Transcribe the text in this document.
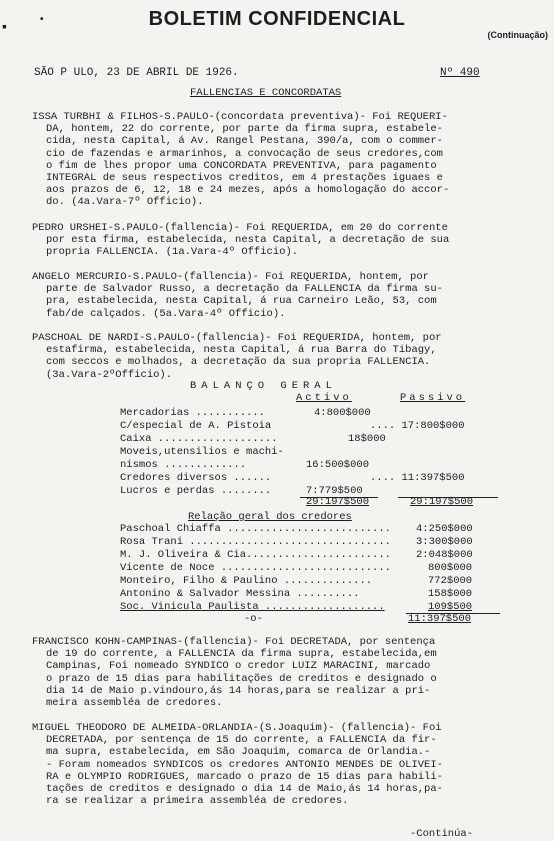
▪	•	BOLETIM CONFIDENCIAL
(Continuação)
SÃO P ULO, 23 DE ABRIL DE 1926.	Nº 490
FALLENCIAS E CONCORDATAS
ISSA TURBHI & FILHOS-S.PAULO-(concordata preventiva)- Foi REQUERI-
DA, hontem, 22 do corrente, por parte da firma supra, estabele-
cida, nesta Capital, á Av. Rangel Pestana, 390/a, com o commer-
cio de fazendas e armarinhos, a convocação de seus credores,com
o fim de lhes propor uma CONCORDATA PREVENTIVA, para pagamento
INTEGRAL de seus respectivos creditos, em 4 prestações iguaes e
aos prazos de 6, 12, 18 e 24 mezes, após a homologação do accor-
do. (4a.Vara-7º Officio).
PEDRO URSHEI-S.PAULO-(fallencia)- Foi REQUERIDA, em 20 do corrente
por esta firma, estabelecida, nesta Capital, a decretação de sua
propria FALLENCIA. (1a.Vara-4º Officio).
ANGELO MERCURIO-S.PAULO-(fallencia)- Foi REQUERIDA, hontem, por
parte de Salvador Russo, a decretação da FALLENCIA da firma su-
pra, estabelecida, nesta Capital, á rua Carneiro Leão, 53, com
fab/de calçados. (5a.Vara-4º Officio).
PASCHOAL DE NARDI-S.PAULO-(fallencia)- Foi REQUERIDA, hontem, por
estafirma, estabelecida, nesta Capital, á rua Barra do Tibagy,
com seccos e molhados, a decretação da sua propria FALLENCIA.
(3a.Vara-2ºOfficio).
BALANÇO GERAL
Activo	Passivo
Mercadorias ...........	4:800$000
C/especial de A. Pistoia	.... 17:800$000
Caixa ...................	18$000
Moveis,utensilios e machi-
nismos .............	16:500$000
Credores diversos ......	.... 11:397$500
Lucros e perdas ........	7:779$500
29:197$500	29:197$500
Relação geral dos credores
Paschoal Chiaffa .......................... 4:250$000
Rosa Trani ................................ 3:300$000
M. J. Oliveira & Cia....................... 2:048$000
Vicente de Noce ...........................	800$000
Monteiro, Filho & Paulino ..............	772$000
Antonino & Salvador Messina ..........	158$000
Soc. Vinicula Paulista ...................	109$500
-o-	11:397$500
FRANCISCO KOHN-CAMPINAS-(fallencia)- Foi DECRETADA, por sentença
de 19 do corrente, a FALLENCIA da firma supra, estabelecida,em
Campinas, Foi nomeado SYNDICO o credor LUIZ MARACINI, marcado
o prazo de 15 dias para habilitações de creditos e designado o
dia 14 de Maio p.vindouro,ás 14 horas,para se realizar a pri-
meira assembléa de credores.
MIGUEL THEODORO DE ALMEIDA-ORLANDIA-(S.Joaquim)- (fallencia)- Foi
DECRETADA, por sentença de 15 do corrente, a FALLENCIA da fir-
ma supra, estabelecida, em São Joaquim, comarca de Orlandia.-
- Foram nomeados SYNDICOS os credores ANTONIO MENDES DE OLIVEI-
RA e OLYMPIO RODRIGUES, marcado o prazo de 15 dias para habili-
tações de creditos e designado o dia 14 de Maio,ás 14 horas,pa-
ra se realizar a primeira assembléa de credores.
-Continúa-
